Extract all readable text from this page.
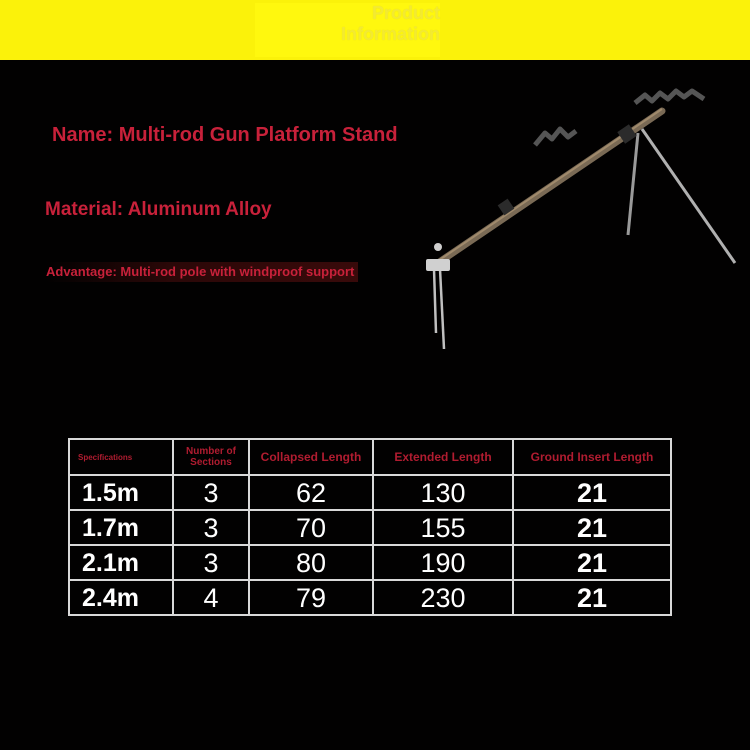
Product
Information

Name: Multi-rod Gun Platform Stand

Material: Aluminum Alloy

Advantage: Multi-rod pole with windproof support

Specifications	Number of Sections	Collapsed Length	Extended Length	Ground Insert Length
1.5m	3	62	130	21
1.7m	3	70	155	21
2.1m	3	80	190	21
2.4m	4	79	230	21
